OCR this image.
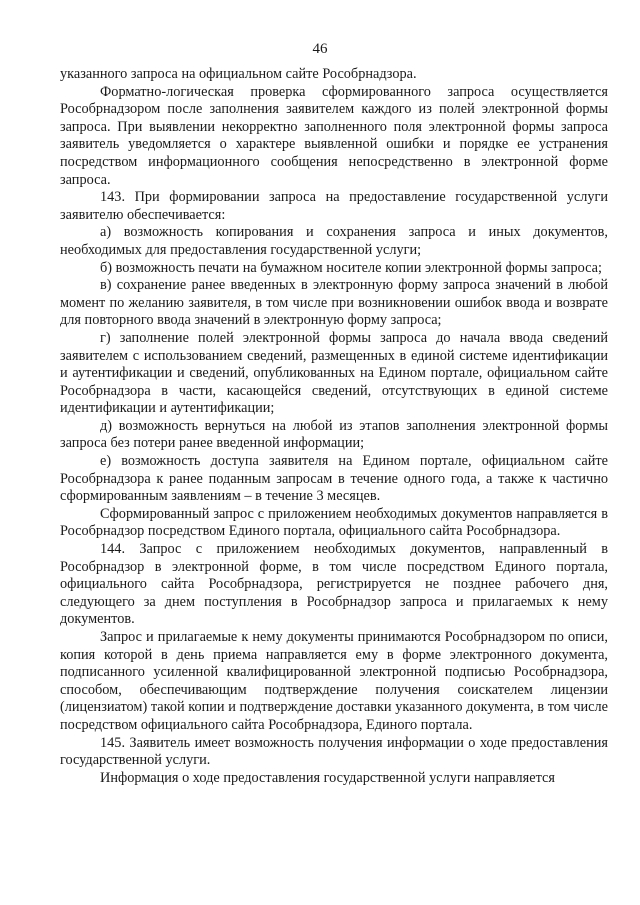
46

указанного запроса на официальном сайте Рособрнадзора.

Форматно-логическая проверка сформированного запроса осуществляется Рособрнадзором после заполнения заявителем каждого из полей электронной формы запроса. При выявлении некорректно заполненного поля электронной формы запроса заявитель уведомляется о характере выявленной ошибки и порядке ее устранения посредством информационного сообщения непосредственно в электронной форме запроса.

143. При формировании запроса на предоставление государственной услуги заявителю обеспечивается:

а) возможность копирования и сохранения запроса и иных документов, необходимых для предоставления государственной услуги;

б) возможность печати на бумажном носителе копии электронной формы запроса;

в) сохранение ранее введенных в электронную форму запроса значений в любой момент по желанию заявителя, в том числе при возникновении ошибок ввода и возврате для повторного ввода значений в электронную форму запроса;

г) заполнение полей электронной формы запроса до начала ввода сведений заявителем с использованием сведений, размещенных в единой системе идентификации и аутентификации и сведений, опубликованных на Едином портале, официальном сайте Рособрнадзора в части, касающейся сведений, отсутствующих в единой системе идентификации и аутентификации;

д) возможность вернуться на любой из этапов заполнения электронной формы запроса без потери ранее введенной информации;

е) возможность доступа заявителя на Едином портале, официальном сайте Рособрнадзора к ранее поданным запросам в течение одного года, а также к частично сформированным заявлениям – в течение 3 месяцев.

Сформированный запрос с приложением необходимых документов направляется в Рособрнадзор посредством Единого портала, официального сайта Рособрнадзора.

144. Запрос с приложением необходимых документов, направленный в Рособрнадзор в электронной форме, в том числе посредством Единого портала, официального сайта Рособрнадзора, регистрируется не позднее рабочего дня, следующего за днем поступления в Рособрнадзор запроса и прилагаемых к нему документов.

Запрос и прилагаемые к нему документы принимаются Рособрнадзором по описи, копия которой в день приема направляется ему в форме электронного документа, подписанного усиленной квалифицированной электронной подписью Рособрнадзора, способом, обеспечивающим подтверждение получения соискателем лицензии (лицензиатом) такой копии и подтверждение доставки указанного документа, в том числе посредством официального сайта Рособрнадзора, Единого портала.

145. Заявитель имеет возможность получения информации о ходе предоставления государственной услуги.

Информация о ходе предоставления государственной услуги направляется
